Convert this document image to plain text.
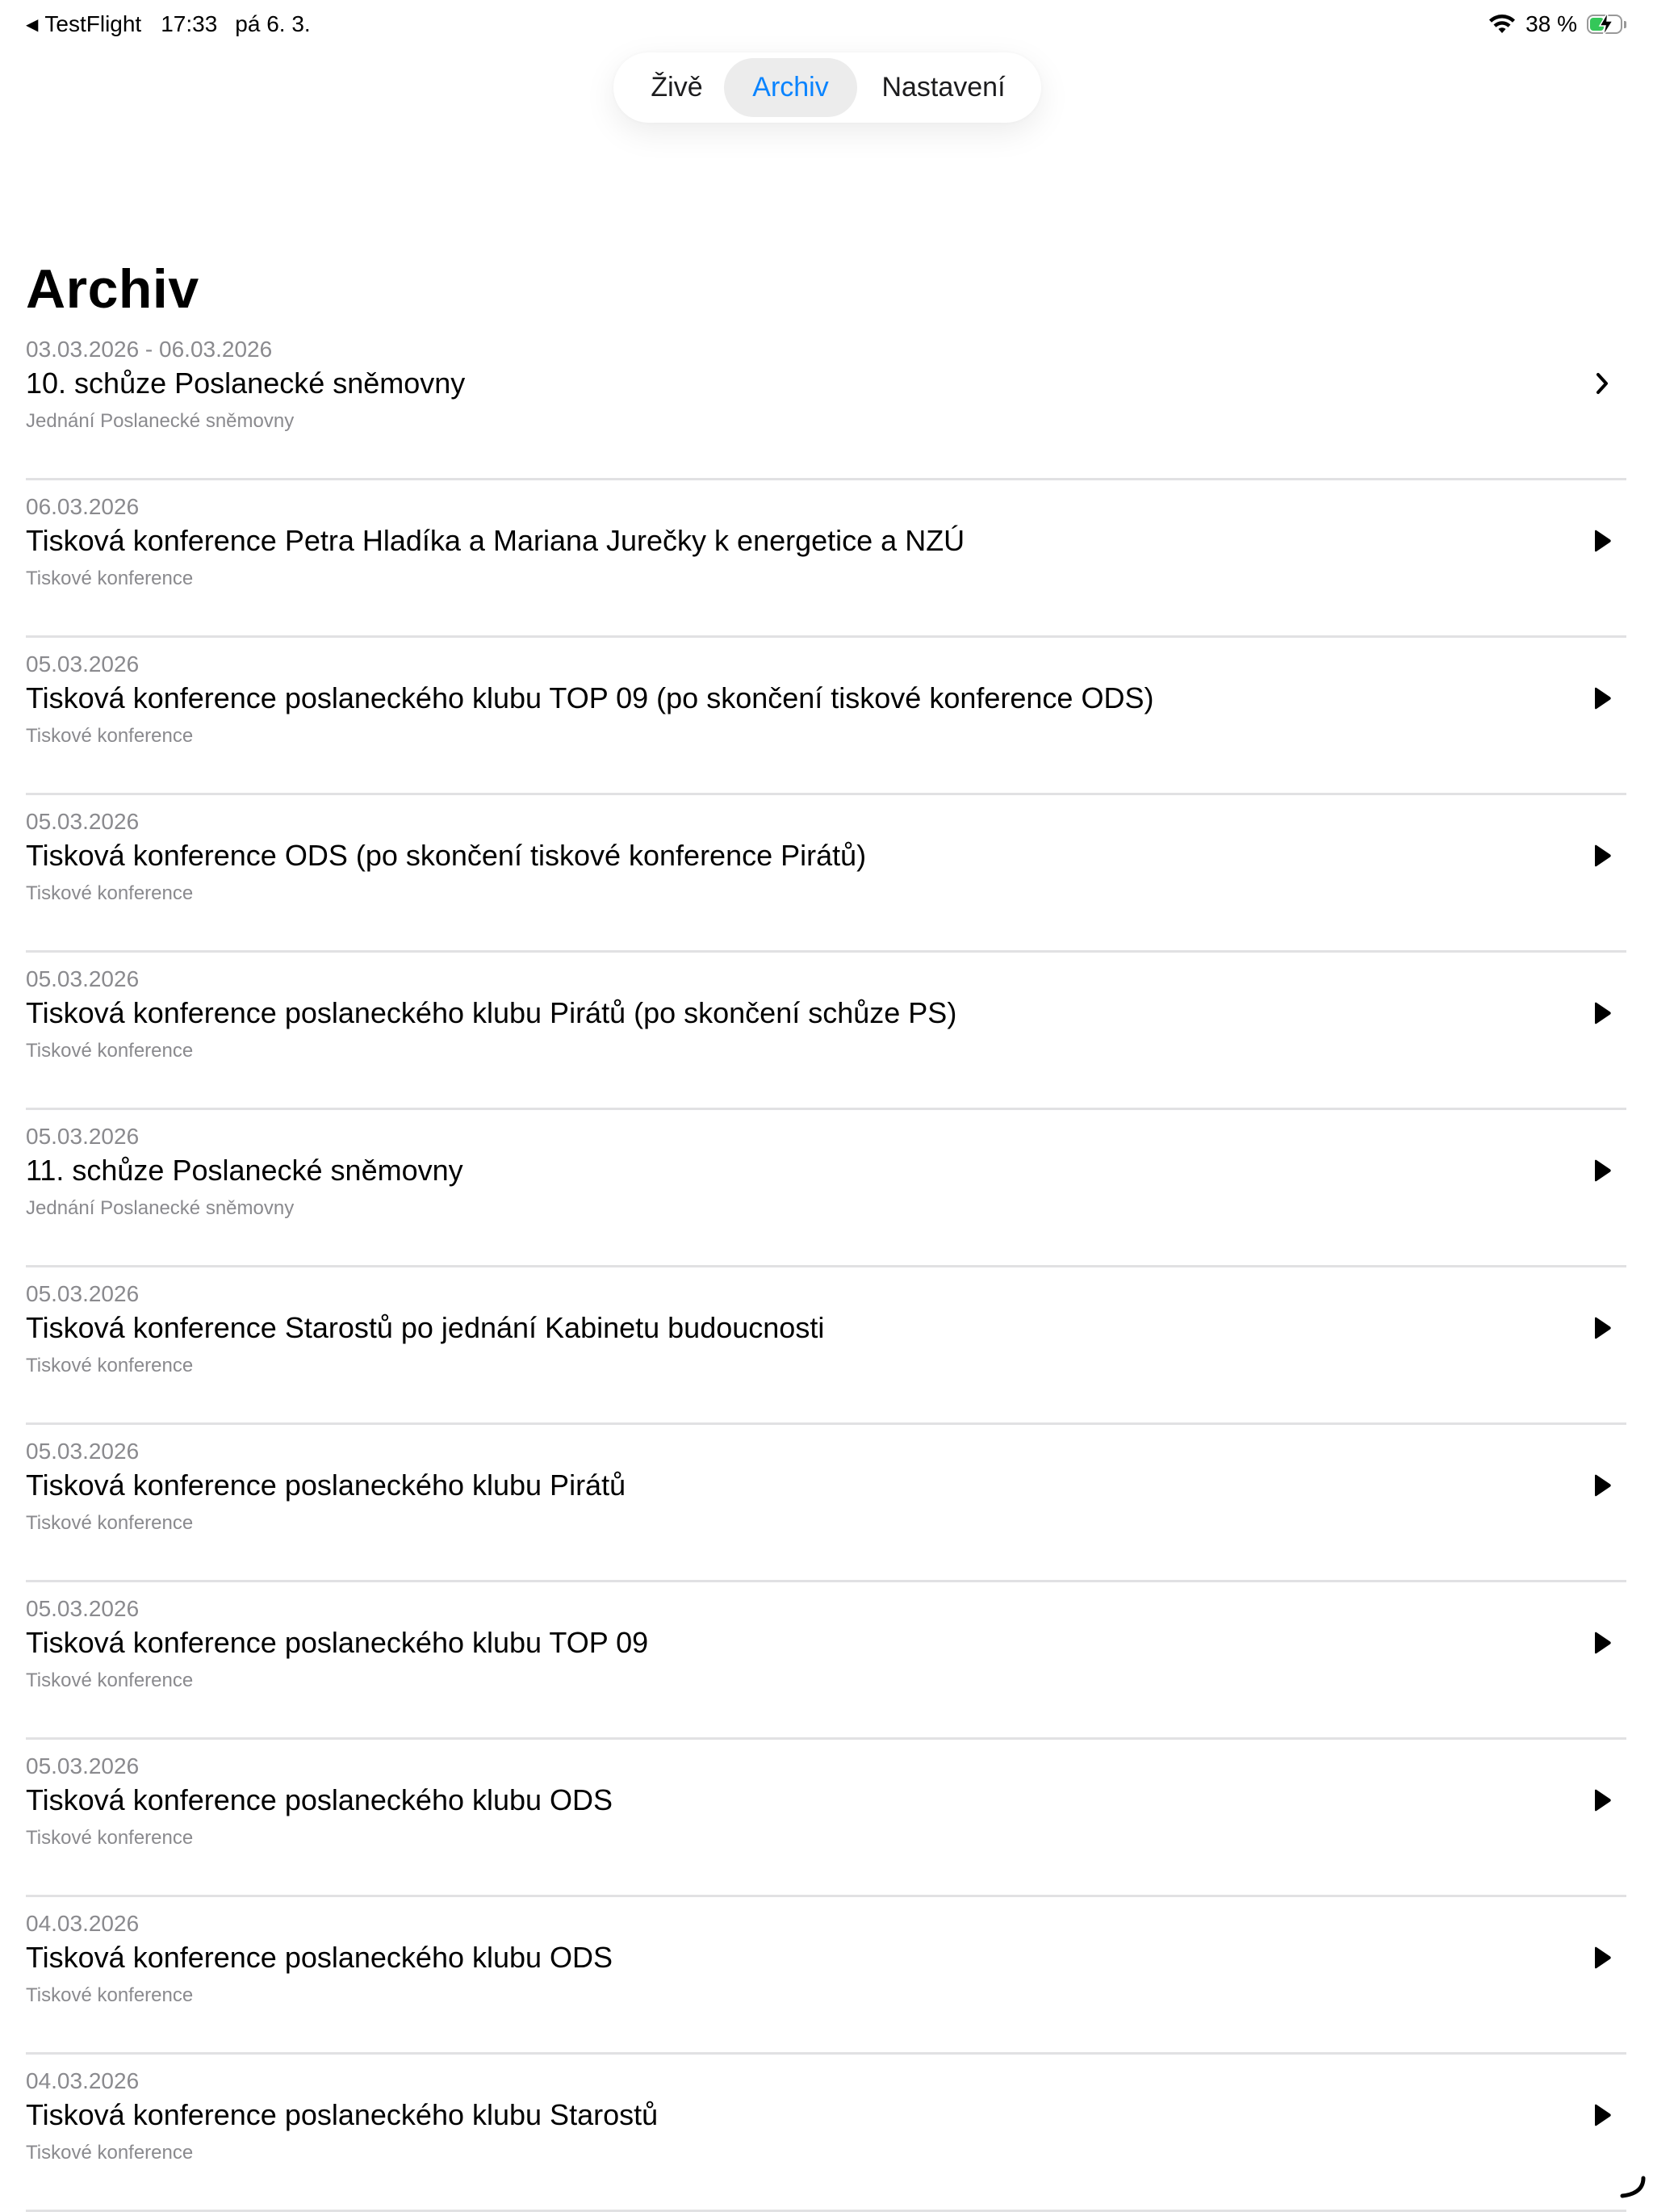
◀ TestFlight 17:33 pá 6. 3.	38 %
Živě	Archiv	Nastavení
Archiv
03.03.2026 - 06.03.2026
10. schůze Poslanecké sněmovny
Jednání Poslanecké sněmovny
06.03.2026
Tisková konference Petra Hladíka a Mariana Jurečky k energetice a NZÚ
Tiskové konference
05.03.2026
Tisková konference poslaneckého klubu TOP 09 (po skončení tiskové konference ODS)
Tiskové konference
05.03.2026
Tisková konference ODS (po skončení tiskové konference Pirátů)
Tiskové konference
05.03.2026
Tisková konference poslaneckého klubu Pirátů (po skončení schůze PS)
Tiskové konference
05.03.2026
11. schůze Poslanecké sněmovny
Jednání Poslanecké sněmovny
05.03.2026
Tisková konference Starostů po jednání Kabinetu budoucnosti
Tiskové konference
05.03.2026
Tisková konference poslaneckého klubu Pirátů
Tiskové konference
05.03.2026
Tisková konference poslaneckého klubu TOP 09
Tiskové konference
05.03.2026
Tisková konference poslaneckého klubu ODS
Tiskové konference
04.03.2026
Tisková konference poslaneckého klubu ODS
Tiskové konference
04.03.2026
Tisková konference poslaneckého klubu Starostů
Tiskové konference
